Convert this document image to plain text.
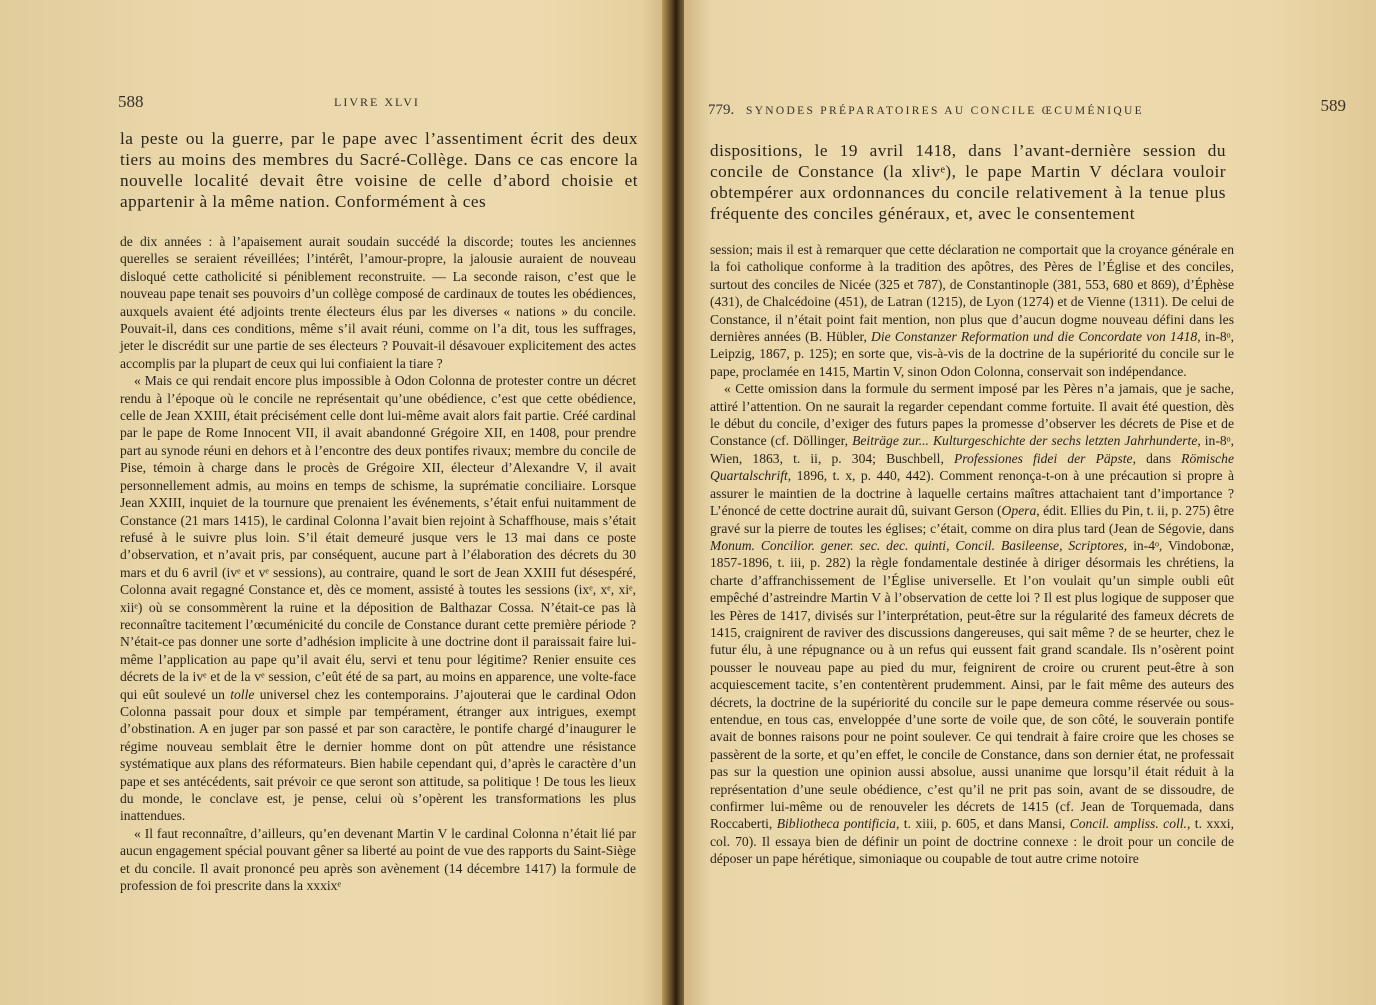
588	LIVRE XLVI

la peste ou la guerre, par le pape avec l’assentiment écrit des deux tiers au moins des membres du Sacré-Collège. Dans ce cas encore la nouvelle localité devait être voisine de celle d’abord choisie et appartenir à la même nation. Conformément à ces

de dix années : à l’apaisement aurait soudain succédé la discorde; toutes les anciennes querelles se seraient réveillées; l’intérêt, l’amour-propre, la jalousie auraient de nouveau disloqué cette catholicité si péniblement reconstruite. — La seconde raison, c’est que le nouveau pape tenait ses pouvoirs d’un collège composé de cardinaux de toutes les obédiences, auxquels avaient été adjoints trente électeurs élus par les diverses « nations » du concile. Pouvait-il, dans ces conditions, même s’il avait réuni, comme on l’a dit, tous les suffrages, jeter le discrédit sur une partie de ses électeurs ? Pouvait-il désavouer explicitement des actes accomplis par la plupart de ceux qui lui confiaient la tiare ?

« Mais ce qui rendait encore plus impossible à Odon Colonna de protester contre un décret rendu à l’époque où le concile ne représentait qu’une obédience, c’est que cette obédience, celle de Jean XXIII, était précisément celle dont lui-même avait alors fait partie. Créé cardinal par le pape de Rome Innocent VII, il avait abandonné Grégoire XII, en 1408, pour prendre part au synode réuni en dehors et à l’encontre des deux pontifes rivaux; membre du concile de Pise, témoin à charge dans le procès de Grégoire XII, électeur d’Alexandre V, il avait personnellement admis, au moins en temps de schisme, la suprématie conciliaire. Lorsque Jean XXIII, inquiet de la tournure que prenaient les événements, s’était enfui nuitamment de Constance (21 mars 1415), le cardinal Colonna l’avait bien rejoint à Schaffhouse, mais s’était refusé à le suivre plus loin. S’il était demeuré jusque vers le 13 mai dans ce poste d’observation, et n’avait pris, par conséquent, aucune part à l’élaboration des décrets du 30 mars et du 6 avril (ivᵉ et vᵉ sessions), au contraire, quand le sort de Jean XXIII fut désespéré, Colonna avait regagné Constance et, dès ce moment, assisté à toutes les sessions (ixᵉ, xᵉ, xiᵉ, xiiᵉ) où se consommèrent la ruine et la déposition de Balthazar Cossa. N’était-ce pas là reconnaître tacitement l’œcuménicité du concile de Constance durant cette première période ? N’était-ce pas donner une sorte d’adhésion implicite à une doctrine dont il paraissait faire lui-même l’application au pape qu’il avait élu, servi et tenu pour légitime? Renier ensuite ces décrets de la ivᵉ et de la vᵉ session, c’eût été de sa part, au moins en apparence, une volte-face qui eût soulevé un tolle universel chez les contemporains. J’ajouterai que le cardinal Odon Colonna passait pour doux et simple par tempérament, étranger aux intrigues, exempt d’obstination. A en juger par son passé et par son caractère, le pontife chargé d’inaugurer le régime nouveau semblait être le dernier homme dont on pût attendre une résistance systématique aux plans des réformateurs. Bien habile cependant qui, d’après le caractère d’un pape et ses antécédents, sait prévoir ce que seront son attitude, sa politique ! De tous les lieux du monde, le conclave est, je pense, celui où s’opèrent les transformations les plus inattendues.

« Il faut reconnaître, d’ailleurs, qu’en devenant Martin V le cardinal Colonna n’était lié par aucun engagement spécial pouvant gêner sa liberté au point de vue des rapports du Saint-Siège et du concile. Il avait prononcé peu après son avènement (14 décembre 1417) la formule de profession de foi prescrite dans la xxxixᵉ

779. SYNODES PRÉPARATOIRES AU CONCILE ŒCUMÉNIQUE	589

dispositions, le 19 avril 1418, dans l’avant-dernière session du concile de Constance (la xlivᵉ), le pape Martin V déclara vouloir obtempérer aux ordonnances du concile relativement à la tenue plus fréquente des conciles généraux, et, avec le consentement

session; mais il est à remarquer que cette déclaration ne comportait que la croyance générale en la foi catholique conforme à la tradition des apôtres, des Pères de l’Église et des conciles, surtout des conciles de Nicée (325 et 787), de Constantinople (381, 553, 680 et 869), d’Éphèse (431), de Chalcédoine (451), de Latran (1215), de Lyon (1274) et de Vienne (1311). De celui de Constance, il n’était point fait mention, non plus que d’aucun dogme nouveau défini dans les dernières années (B. Hübler, Die Constanzer Reformation und die Concordate von 1418, in-8ᵒ, Leipzig, 1867, p. 125); en sorte que, vis-à-vis de la doctrine de la supériorité du concile sur le pape, proclamée en 1415, Martin V, sinon Odon Colonna, conservait son indépendance.

« Cette omission dans la formule du serment imposé par les Pères n’a jamais, que je sache, attiré l’attention. On ne saurait la regarder cependant comme fortuite. Il avait été question, dès le début du concile, d’exiger des futurs papes la promesse d’observer les décrets de Pise et de Constance (cf. Döllinger, Beiträge zur... Kulturgeschichte der sechs letzten Jahrhunderte, in-8ᵒ, Wien, 1863, t. ii, p. 304; Buschbell, Professiones fidei der Päpste, dans Römische Quartalschrift, 1896, t. x, p. 440, 442). Comment renonça-t-on à une précaution si propre à assurer le maintien de la doctrine à laquelle certains maîtres attachaient tant d’importance ? L’énoncé de cette doctrine aurait dû, suivant Gerson (Opera, édit. Ellies du Pin, t. ii, p. 275) être gravé sur la pierre de toutes les églises; c’était, comme on dira plus tard (Jean de Ségovie, dans Monum. Concilior. gener. sec. dec. quinti, Concil. Basileense, Scriptores, in-4ᵒ, Vindobonæ, 1857-1896, t. iii, p. 282) la règle fondamentale destinée à diriger désormais les chrétiens, la charte d’affranchissement de l’Église universelle. Et l’on voulait qu’un simple oubli eût empêché d’astreindre Martin V à l’observation de cette loi ? Il est plus logique de supposer que les Pères de 1417, divisés sur l’interprétation, peut-être sur la régularité des fameux décrets de 1415, craignirent de raviver des discussions dangereuses, qui sait même ? de se heurter, chez le futur élu, à une répugnance ou à un refus qui eussent fait grand scandale. Ils n’osèrent point pousser le nouveau pape au pied du mur, feignirent de croire ou crurent peut-être à son acquiescement tacite, s’en contentèrent prudemment. Ainsi, par le fait même des auteurs des décrets, la doctrine de la supériorité du concile sur le pape demeura comme réservée ou sous-entendue, en tous cas, enveloppée d’une sorte de voile que, de son côté, le souverain pontife avait de bonnes raisons pour ne point soulever. Ce qui tendrait à faire croire que les choses se passèrent de la sorte, et qu’en effet, le concile de Constance, dans son dernier état, ne professait pas sur la question une opinion aussi absolue, aussi unanime que lorsqu’il était réduit à la représentation d’une seule obédience, c’est qu’il ne prit pas soin, avant de se dissoudre, de confirmer lui-même ou de renouveler les décrets de 1415 (cf. Jean de Torquemada, dans Roccaberti, Bibliotheca pontificia, t. xiii, p. 605, et dans Mansi, Concil. ampliss. coll., t. xxxi, col. 70). Il essaya bien de définir un point de doctrine connexe : le droit pour un concile de déposer un pape hérétique, simoniaque ou coupable de tout autre crime notoire
